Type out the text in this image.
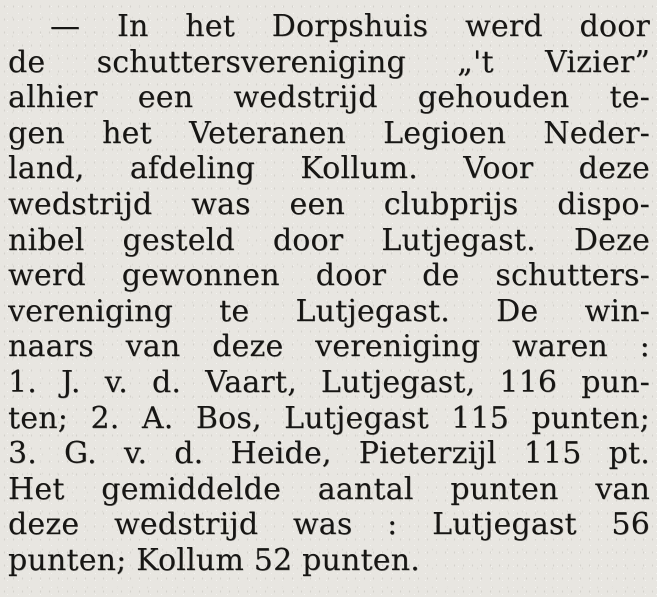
— In het Dorpshuis werd door
de schuttersvereniging „'t Vizier”
alhier een wedstrijd gehouden te-
gen het Veteranen Legioen Neder-
land, afdeling Kollum. Voor deze
wedstrijd was een clubprijs dispo-
nibel gesteld door Lutjegast. Deze
werd gewonnen door de schutters-
vereniging te Lutjegast. De win-
naars van deze vereniging waren :
1. J. v. d. Vaart, Lutjegast, 116 pun-
ten; 2. A. Bos, Lutjegast 115 punten;
3. G. v. d. Heide, Pieterzijl 115 pt.
Het gemiddelde aantal punten van
deze wedstrijd was : Lutjegast 56
punten; Kollum 52 punten.
